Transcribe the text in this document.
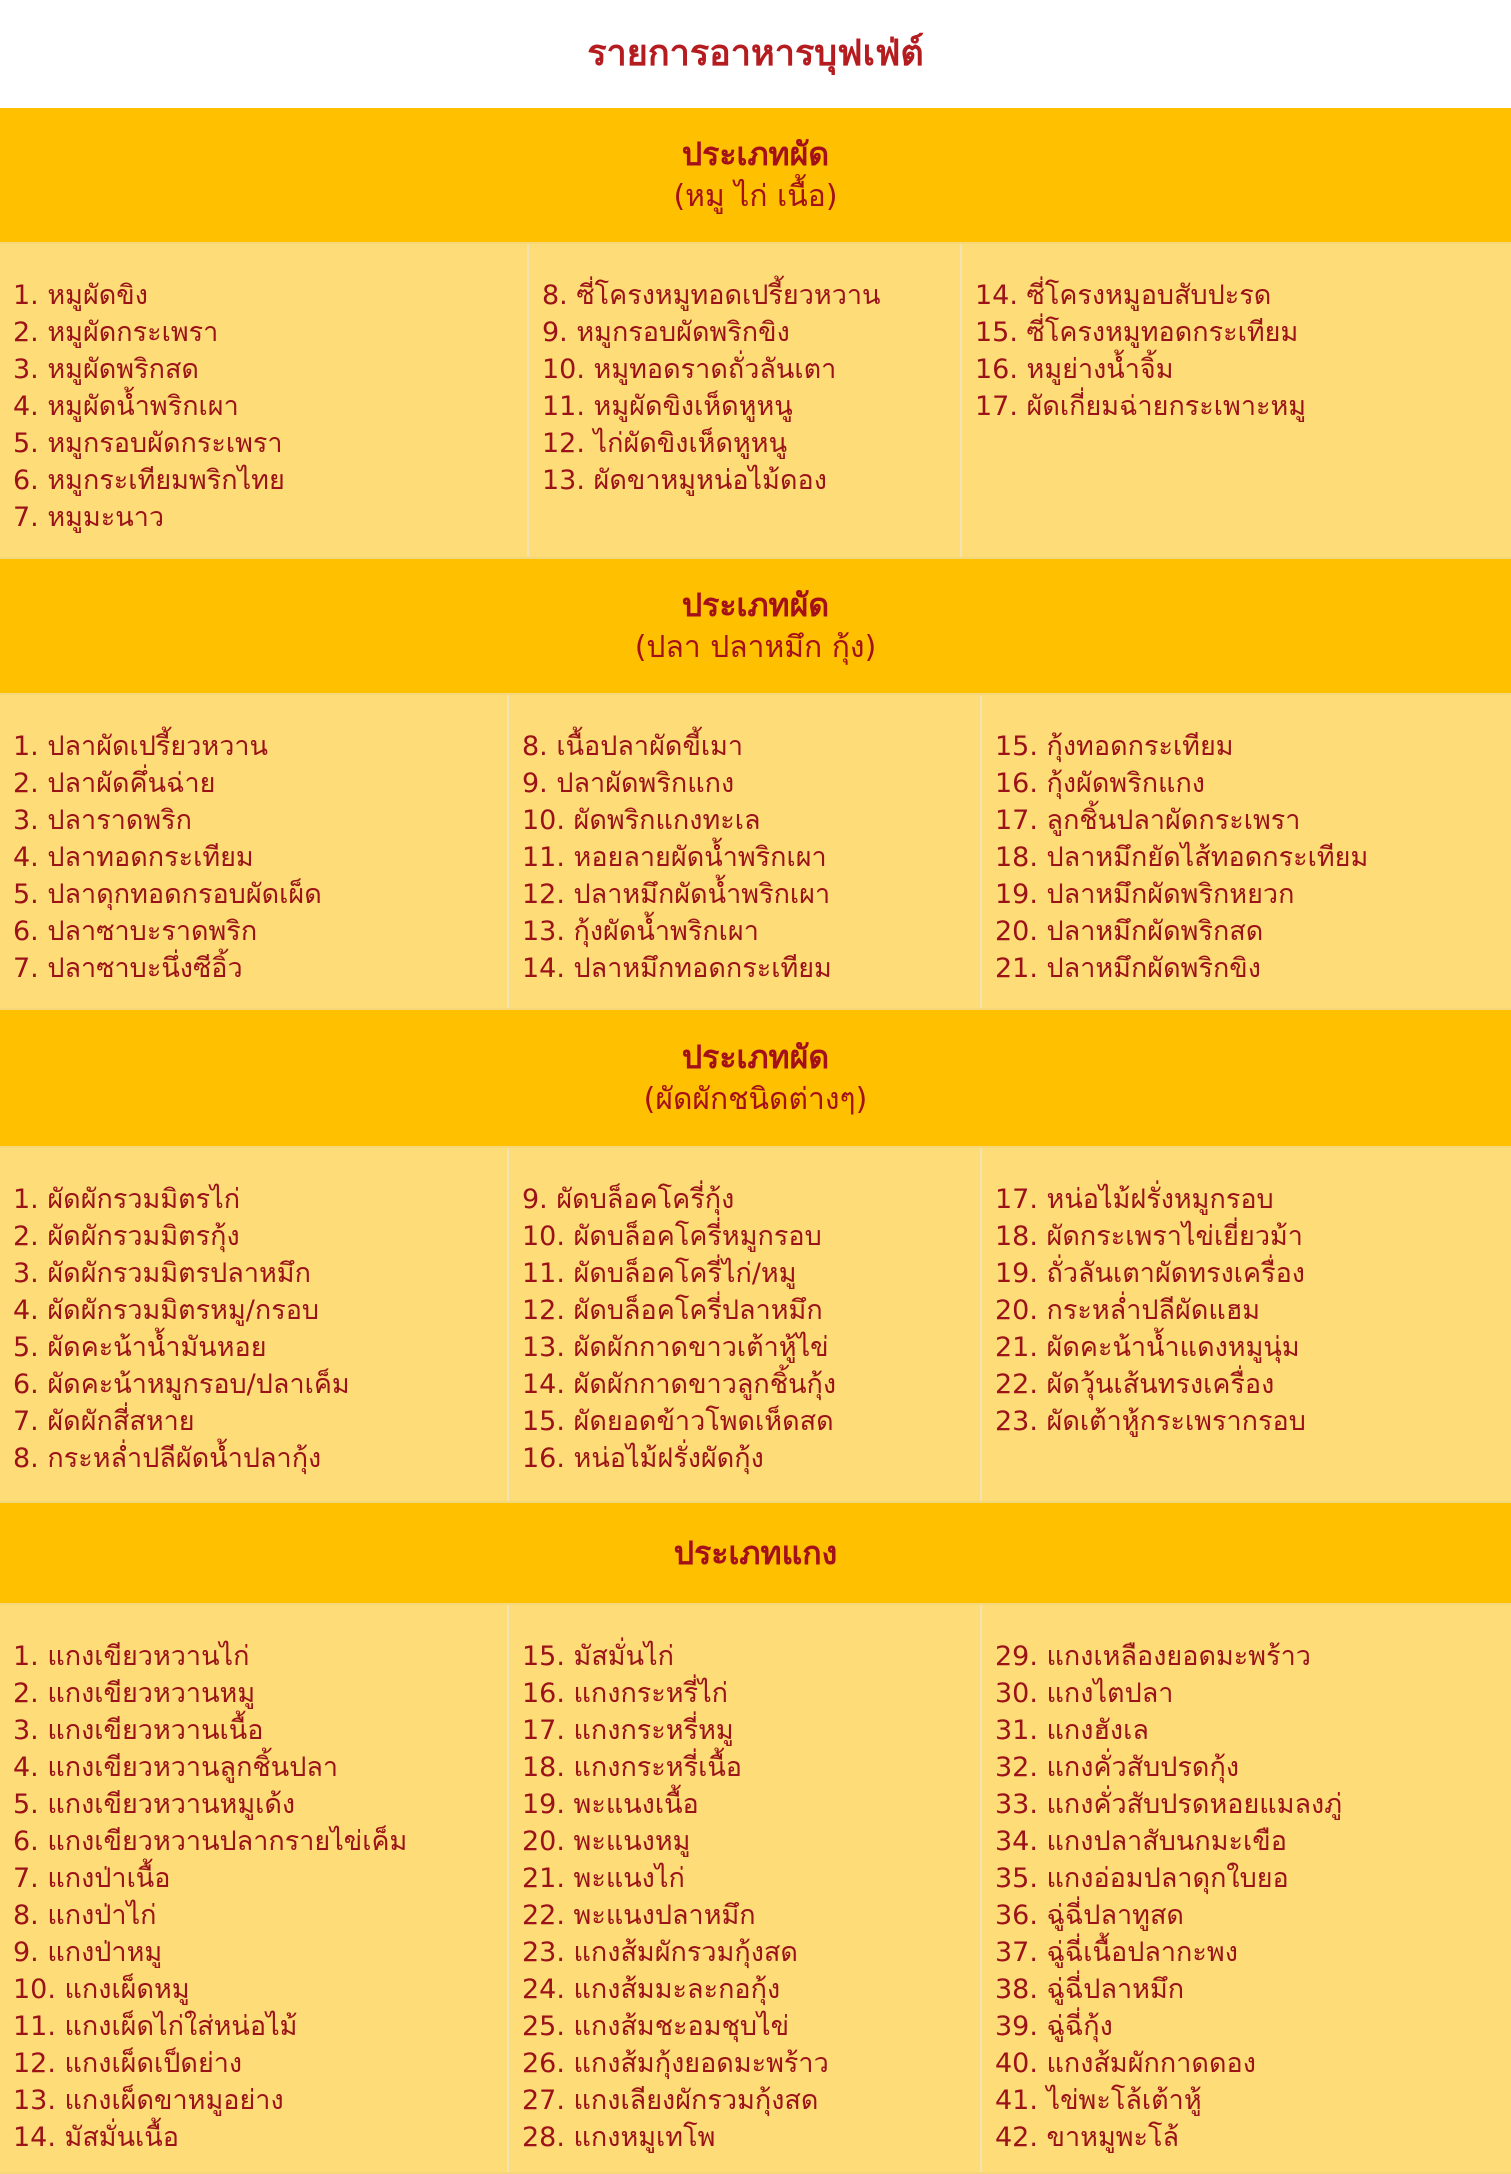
รายการอาหารบุฟเฟ่ต์
ประเภทผัด
(หมู ไก่ เนื้อ)
1. หมูผัดขิง
2. หมูผัดกระเพรา
3. หมูผัดพริกสด
4. หมูผัดน้ำพริกเผา
5. หมูกรอบผัดกระเพรา
6. หมูกระเทียมพริกไทย
7. หมูมะนาว
8. ซี่โครงหมูทอดเปรี้ยวหวาน
9. หมูกรอบผัดพริกขิง
10. หมูทอดราดถั่วลันเตา
11. หมูผัดขิงเห็ดหูหนู
12. ไก่ผัดขิงเห็ดหูหนู
13. ผัดขาหมูหน่อไม้ดอง
14. ซี่โครงหมูอบสับปะรด
15. ซี่โครงหมูทอดกระเทียม
16. หมูย่างน้ำจิ้ม
17. ผัดเกี่ยมฉ่ายกระเพาะหมู
ประเภทผัด
(ปลา ปลาหมึก กุ้ง)
1. ปลาผัดเปรี้ยวหวาน
2. ปลาผัดคึ่นฉ่าย
3. ปลาราดพริก
4. ปลาทอดกระเทียม
5. ปลาดุกทอดกรอบผัดเผ็ด
6. ปลาซาบะราดพริก
7. ปลาซาบะนึ่งซีอิ้ว
8. เนื้อปลาผัดขี้เมา
9. ปลาผัดพริกแกง
10. ผัดพริกแกงทะเล
11. หอยลายผัดน้ำพริกเผา
12. ปลาหมึกผัดน้ำพริกเผา
13. กุ้งผัดน้ำพริกเผา
14. ปลาหมึกทอดกระเทียม
15. กุ้งทอดกระเทียม
16. กุ้งผัดพริกแกง
17. ลูกชิ้นปลาผัดกระเพรา
18. ปลาหมึกยัดไส้ทอดกระเทียม
19. ปลาหมึกผัดพริกหยวก
20. ปลาหมึกผัดพริกสด
21. ปลาหมึกผัดพริกขิง
ประเภทผัด
(ผัดผักชนิดต่างๆ)
1. ผัดผักรวมมิตรไก่
2. ผัดผักรวมมิตรกุ้ง
3. ผัดผักรวมมิตรปลาหมึก
4. ผัดผักรวมมิตรหมู/กรอบ
5. ผัดคะน้าน้ำมันหอย
6. ผัดคะน้าหมูกรอบ/ปลาเค็ม
7. ผัดผักสี่สหาย
8. กระหล่ำปลีผัดน้ำปลากุ้ง
9. ผัดบล็อคโครี่กุ้ง
10. ผัดบล็อคโครี่หมูกรอบ
11. ผัดบล็อคโครี่ไก่/หมู
12. ผัดบล็อคโครี่ปลาหมึก
13. ผัดผักกาดขาวเต้าหู้ไข่
14. ผัดผักกาดขาวลูกชิ้นกุ้ง
15. ผัดยอดข้าวโพดเห็ดสด
16. หน่อไม้ฝรั่งผัดกุ้ง
17. หน่อไม้ฝรั่งหมูกรอบ
18. ผัดกระเพราไข่เยี่ยวม้า
19. ถั่วลันเตาผัดทรงเครื่อง
20. กระหล่ำปลีผัดแฮม
21. ผัดคะน้าน้ำแดงหมูนุ่ม
22. ผัดวุ้นเส้นทรงเครื่อง
23. ผัดเต้าหู้กระเพรากรอบ
ประเภทแกง
1. แกงเขียวหวานไก่
2. แกงเขียวหวานหมู
3. แกงเขียวหวานเนื้อ
4. แกงเขียวหวานลูกชิ้นปลา
5. แกงเขียวหวานหมูเด้ง
6. แกงเขียวหวานปลากรายไข่เค็ม
7. แกงป่าเนื้อ
8. แกงป่าไก่
9. แกงป่าหมู
10. แกงเผ็ดหมู
11. แกงเผ็ดไก่ใส่หน่อไม้
12. แกงเผ็ดเป็ดย่าง
13. แกงเผ็ดขาหมูอย่าง
14. มัสมั่นเนื้อ
15. มัสมั่นไก่
16. แกงกระหรี่ไก่
17. แกงกระหรี่หมู
18. แกงกระหรี่เนื้อ
19. พะแนงเนื้อ
20. พะแนงหมู
21. พะแนงไก่
22. พะแนงปลาหมึก
23. แกงส้มผักรวมกุ้งสด
24. แกงส้มมะละกอกุ้ง
25. แกงส้มชะอมชุบไข่
26. แกงส้มกุ้งยอดมะพร้าว
27. แกงเลียงผักรวมกุ้งสด
28. แกงหมูเทโพ
29. แกงเหลืองยอดมะพร้าว
30. แกงไตปลา
31. แกงฮังเล
32. แกงคั่วสับปรดกุ้ง
33. แกงคั่วสับปรดหอยแมลงภู่
34. แกงปลาสับนกมะเขือ
35. แกงอ่อมปลาดุกใบยอ
36. ฉู่ฉี่ปลาทูสด
37. ฉู่ฉี่เนื้อปลากะพง
38. ฉู่ฉี่ปลาหมึก
39. ฉู่ฉี่กุ้ง
40. แกงส้มผักกาดดอง
41. ไข่พะโล้เต้าหู้
42. ขาหมูพะโล้
